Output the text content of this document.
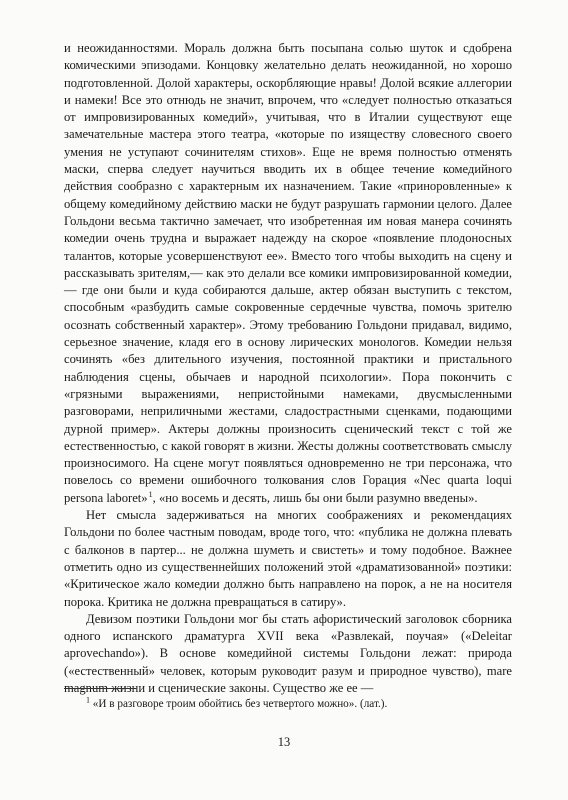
и неожиданностями. Мораль должна быть посыпана солью шуток и сдобрена комическими эпизодами. Концовку желательно делать неожиданной, но хорошо подготовленной. Долой характеры, оскорбляющие нравы! Долой всякие аллегории и намеки! Все это отнюдь не значит, впрочем, что «следует полностью отказаться от импровизированных комедий», учитывая, что в Италии существуют еще замечательные мастера этого театра, «которые по изяществу словесного своего умения не уступают сочинителям стихов». Еще не время полностью отменять маски, сперва следует научиться вводить их в общее течение комедийного действия сообразно с характерным их назначением. Такие «приноровленные» к общему комедийному действию маски не будут разрушать гармонии целого. Далее Гольдони весьма тактично замечает, что изобретенная им новая манера сочинять комедии очень трудна и выражает надежду на скорое «появление плодоносных талантов, которые усовершенствуют ее». Вместо того чтобы выходить на сцену и рассказывать зрителям,— как это делали все комики импровизированной комедии,— где они были и куда собираются дальше, актер обязан выступить с текстом, способным «разбудить самые сокровенные сердечные чувства, помочь зрителю осознать собственный характер». Этому требованию Гольдони придавал, видимо, серьезное значение, кладя его в основу лирических монологов. Комедии нельзя сочинять «без длительного изучения, постоянной практики и пристального наблюдения сцены, обычаев и народной психологии». Пора покончить с «грязными выражениями, непристойными намеками, двусмысленными разговорами, неприличными жестами, сладострастными сценками, подающими дурной пример». Актеры должны произносить сценический текст с той же естественностью, с какой говорят в жизни. Жесты должны соответствовать смыслу произносимого. На сцене могут появляться одновременно не три персонажа, что повелось со времени ошибочного толкования слов Горация «Nec quarta loqui persona laboret» $^1$, «но восемь и десять, лишь бы они были разумно введены».

Нет смысла задерживаться на многих соображениях и рекомендациях Гольдони по более частным поводам, вроде того, что: «публика не должна плевать с балконов в партер... не должна шуметь и свистеть» и тому подобное. Важнее отметить одно из существеннейших положений этой «драматизованной» поэтики: «Критическое жало комедии должно быть направлено на порок, а не на носителя порока. Критика не должна превращаться в сатиру».

Девизом поэтики Гольдони мог бы стать афористический заголовок сборника одного испанского драматурга XVII века «Развлекай, поучая» («Deleitar aprovechando»). В основе комедийной системы Гольдони лежат: природа («естественный» человек, которым руководит разум и природное чувство), mare magnum жизни и сценические законы. Существо же ее —

$^1$ «И в разговоре троим обойтись без четвертого можно». (лат.).
13
